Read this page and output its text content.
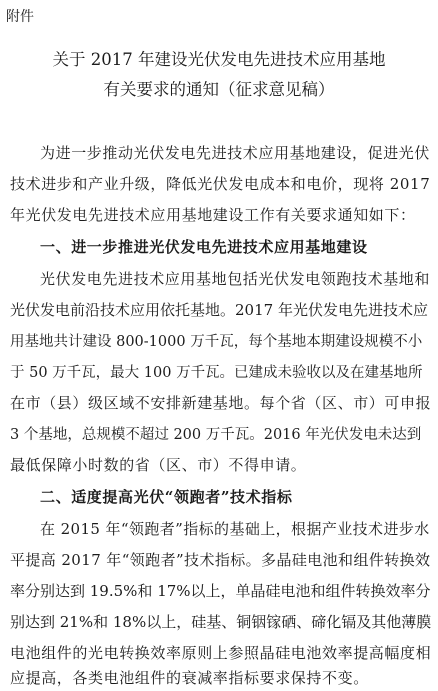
附件
关于 2017 年建设光伏发电先进技术应用基地
有关要求的通知（征求意见稿）
为进一步推动光伏发电先进技术应用基地建设，促进光伏
技术进步和产业升级，降低光伏发电成本和电价，现将 2017
年光伏发电先进技术应用基地建设工作有关要求通知如下：
一、进一步推进光伏发电先进技术应用基地建设
光伏发电先进技术应用基地包括光伏发电领跑技术基地和
光伏发电前沿技术应用依托基地。2017 年光伏发电先进技术应
用基地共计建设 800-1000 万千瓦，每个基地本期建设规模不小
于 50 万千瓦，最大 100 万千瓦。已建成未验收以及在建基地所
在市（县）级区域不安排新建基地。每个省（区、市）可申报
3 个基地，总规模不超过 200 万千瓦。2016 年光伏发电未达到
最低保障小时数的省（区、市）不得申请。
二、适度提高光伏“领跑者”技术指标
在 2015 年“领跑者”指标的基础上，根据产业技术进步水
平提高 2017 年“领跑者”技术指标。多晶硅电池和组件转换效
率分别达到 19.5%和 17%以上，单晶硅电池和组件转换效率分
别达到 21%和 18%以上，硅基、铜铟镓硒、碲化镉及其他薄膜
电池组件的光电转换效率原则上参照晶硅电池效率提高幅度相
应提高，各类电池组件的衰减率指标要求保持不变。
